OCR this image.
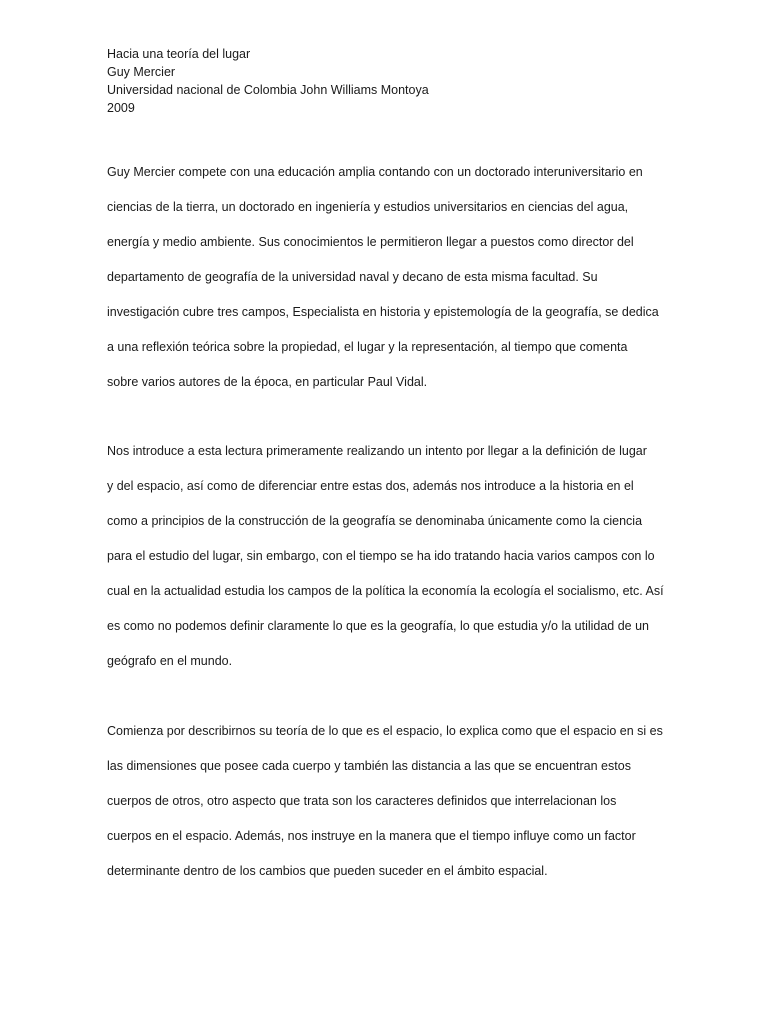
Hacia una teoría del lugar
Guy Mercier
Universidad nacional de Colombia John Williams Montoya
2009
Guy Mercier compete con una educación amplia contando con un doctorado interuniversitario en
ciencias de la tierra, un doctorado en ingeniería y estudios universitarios en ciencias del agua,
energía y medio ambiente. Sus conocimientos le permitieron llegar a puestos como director del
departamento de geografía de la universidad naval y decano de esta misma facultad. Su
investigación cubre tres campos, Especialista en historia y epistemología de la geografía, se dedica
a una reflexión teórica sobre la propiedad, el lugar y la representación, al tiempo que comenta
sobre varios autores de la época, en particular Paul Vidal.
Nos introduce a esta lectura primeramente realizando un intento por llegar a la definición de lugar
y del espacio, así como de diferenciar entre estas dos, además nos introduce a la historia en el
como a principios de la construcción de la geografía se denominaba únicamente como la ciencia
para el estudio del lugar, sin embargo, con el tiempo se ha ido tratando hacia varios campos con lo
cual en la actualidad estudia los campos de la política la economía la ecología el socialismo, etc. Así
es como no podemos definir claramente lo que es la geografía, lo que estudia y/o la utilidad de un
geógrafo en el mundo.
Comienza por describirnos su teoría de lo que es el espacio, lo explica como que el espacio en si es
las dimensiones que posee cada cuerpo y también las distancia a las que se encuentran estos
cuerpos de otros, otro aspecto que trata son los caracteres definidos que interrelacionan los
cuerpos en el espacio. Además, nos instruye en la manera que el tiempo influye como un factor
determinante dentro de los cambios que pueden suceder en el ámbito espacial.
